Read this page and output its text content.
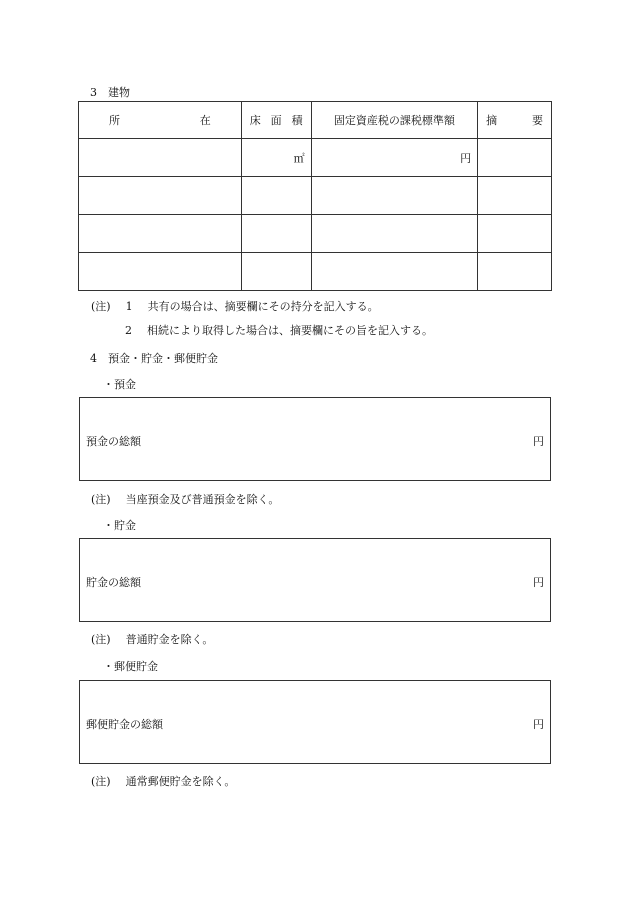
3　建物
所 在	床 面 積	固定資産税の課税標準額	摘 要

	㎡	円	

(注) 1 共有の場合は、摘要欄にその持分を記入する。
2 相続により取得した場合は、摘要欄にその旨を記入する。
4　預金・貯金・郵便貯金
・預金
預金の総額	円
(注) 当座預金及び普通預金を除く。
・貯金
貯金の総額	円
(注) 普通貯金を除く。
・郵便貯金
郵便貯金の総額	円
(注) 通常郵便貯金を除く。
